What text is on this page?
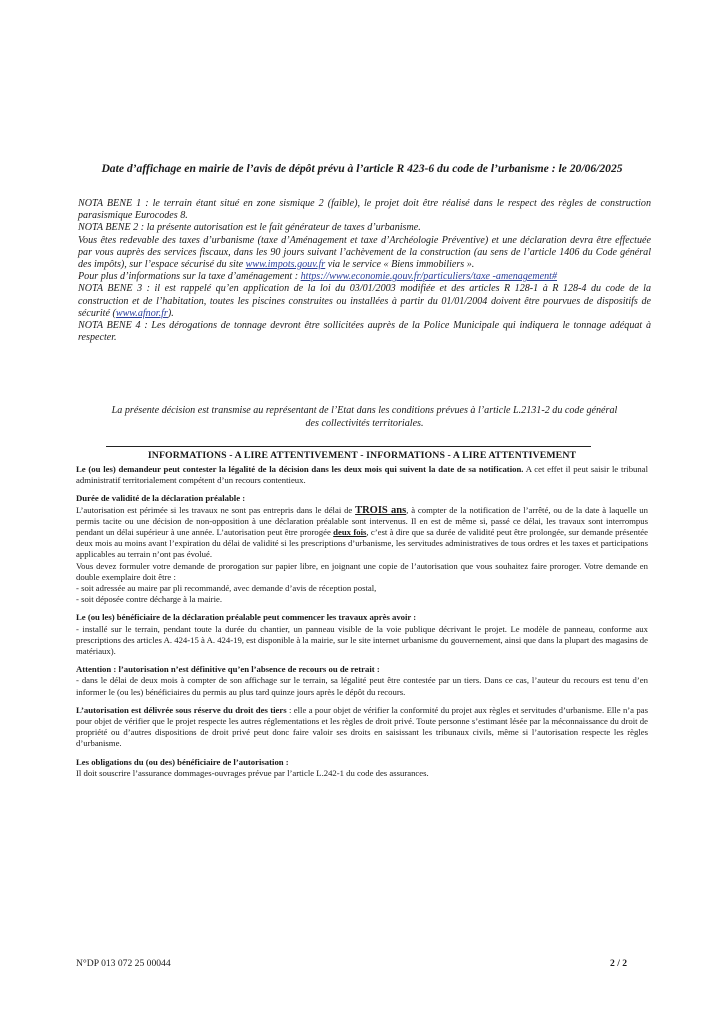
Date d’affichage en mairie de l’avis de dépôt prévu à l’article R 423-6 du code de l’urbanisme : le 20/06/2025

NOTA BENE 1 : le terrain étant situé en zone sismique 2 (faible), le projet doit être réalisé dans le respect des règles de construction parasismique Eurocodes 8.

NOTA BENE 2 : la présente autorisation est le fait générateur de taxes d’urbanisme.

Vous êtes redevable des taxes d’urbanisme (taxe d’Aménagement et taxe d’Archéologie Préventive) et une déclaration devra être effectuée par vous auprès des services fiscaux, dans les 90 jours suivant l’achèvement de la construction (au sens de l’article 1406 du Code général des impôts), sur l’espace sécurisé du site www.impots.gouv.fr via le service « Biens immobiliers ».

Pour plus d’informations sur la taxe d’aménagement : https://www.economie.gouv.fr/particuliers/taxe -amenagement#

NOTA BENE 3 : il est rappelé qu’en application de la loi du 03/01/2003 modifiée et des articles R 128-1 à R 128-4 du code de la construction et de l’habitation, toutes les piscines construites ou installées à partir du 01/01/2004 doivent être pourvues de dispositifs de sécurité (www.afnor.fr).

NOTA BENE 4 : Les dérogations de tonnage devront être sollicitées auprès de la Police Municipale qui indiquera le tonnage adéquat à respecter.

La présente décision est transmise au représentant de l’Etat dans les conditions prévues à l’article L.2131-2 du code général
des collectivités territoriales.
INFORMATIONS - A LIRE ATTENTIVEMENT - INFORMATIONS - A LIRE ATTENTIVEMENT

Le (ou les) demandeur peut contester la légalité de la décision dans les deux mois qui suivent la date de sa notification. A cet effet il peut saisir le tribunal administratif territorialement compétent d’un recours contentieux.

Durée de validité de la déclaration préalable :

L’autorisation est périmée si les travaux ne sont pas entrepris dans le délai de TROIS ans, à compter de la notification de l’arrêté, ou de la date à laquelle un permis tacite ou une décision de non-opposition à une déclaration préalable sont intervenus. Il en est de même si, passé ce délai, les travaux sont interrompus pendant un délai supérieur à une année. L’autorisation peut être prorogée deux fois, c’est à dire que sa durée de validité peut être prolongée, sur demande présentée deux mois au moins avant l’expiration du délai de validité si les prescriptions d’urbanisme, les servitudes administratives de tous ordres et les taxes et participations applicables au terrain n’ont pas évolué.

Vous devez formuler votre demande de prorogation sur papier libre, en joignant une copie de l’autorisation que vous souhaitez faire proroger. Votre demande en double exemplaire doit être :

- soit adressée au maire par pli recommandé, avec demande d’avis de réception postal,

- soit déposée contre décharge à la mairie.

Le (ou les) bénéficiaire de la déclaration préalable peut commencer les travaux après avoir :

- installé sur le terrain, pendant toute la durée du chantier, un panneau visible de la voie publique décrivant le projet. Le modèle de panneau, conforme aux prescriptions des articles A. 424-15 à A. 424-19, est disponible à la mairie, sur le site internet urbanisme du gouvernement, ainsi que dans la plupart des magasins de matériaux).

Attention : l’autorisation n’est définitive qu’en l’absence de recours ou de retrait :

- dans le délai de deux mois à compter de son affichage sur le terrain, sa légalité peut être contestée par un tiers. Dans ce cas, l’auteur du recours est tenu d’en informer le (ou les) bénéficiaires du permis au plus tard quinze jours après le dépôt du recours.

L’autorisation est délivrée sous réserve du droit des tiers : elle a pour objet de vérifier la conformité du projet aux règles et servitudes d’urbanisme. Elle n’a pas pour objet de vérifier que le projet respecte les autres réglementations et les règles de droit privé. Toute personne s’estimant lésée par la méconnaissance du droit de propriété ou d’autres dispositions de droit privé peut donc faire valoir ses droits en saisissant les tribunaux civils, même si l’autorisation respecte les règles d’urbanisme.

Les obligations du (ou des) bénéficiaire de l’autorisation :

Il doit souscrire l’assurance dommages-ouvrages prévue par l’article L.242-1 du code des assurances.

N°DP 013 072 25 00044	2 / 2
